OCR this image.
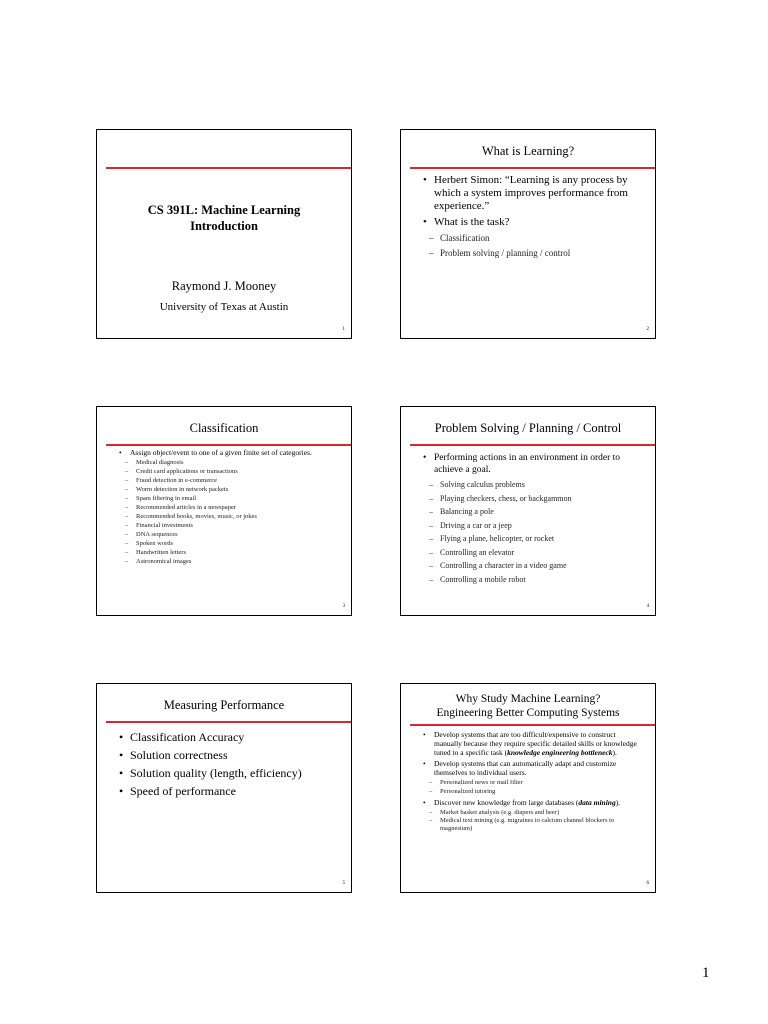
CS 391L: Machine Learning
Introduction
Raymond J. Mooney
University of Texas at Austin
1
What is Learning?
• Herbert Simon: “Learning is any process by which a system improves performance from experience.”
• What is the task?
– Classification
– Problem solving / planning / control
2
Classification
• Assign object/event to one of a given finite set of categories.
– Medical diagnosis
– Credit card applications or transactions
– Fraud detection in e-commerce
– Worm detection in network packets
– Spam filtering in email
– Recommended articles in a newspaper
– Recommended books, movies, music, or jokes
– Financial investments
– DNA sequences
– Spoken words
– Handwritten letters
– Astronomical images
3
Problem Solving / Planning / Control
• Performing actions in an environment in order to achieve a goal.
– Solving calculus problems
– Playing checkers, chess, or backgammon
– Balancing a pole
– Driving a car or a jeep
– Flying a plane, helicopter, or rocket
– Controlling an elevator
– Controlling a character in a video game
– Controlling a mobile robot
4
Measuring Performance
• Classification Accuracy
• Solution correctness
• Solution quality (length, efficiency)
• Speed of performance
5
Why Study Machine Learning?
Engineering Better Computing Systems
• Develop systems that are too difficult/expensive to construct manually because they require specific detailed skills or knowledge tuned to a specific task (knowledge engineering bottleneck).
• Develop systems that can automatically adapt and customize themselves to individual users.
– Personalized news or mail filter
– Personalized tutoring
• Discover new knowledge from large databases (data mining).
– Market basket analysis (e.g. diapers and beer)
– Medical text mining (e.g. migraines to calcium channel blockers to magnesium)
6
1
